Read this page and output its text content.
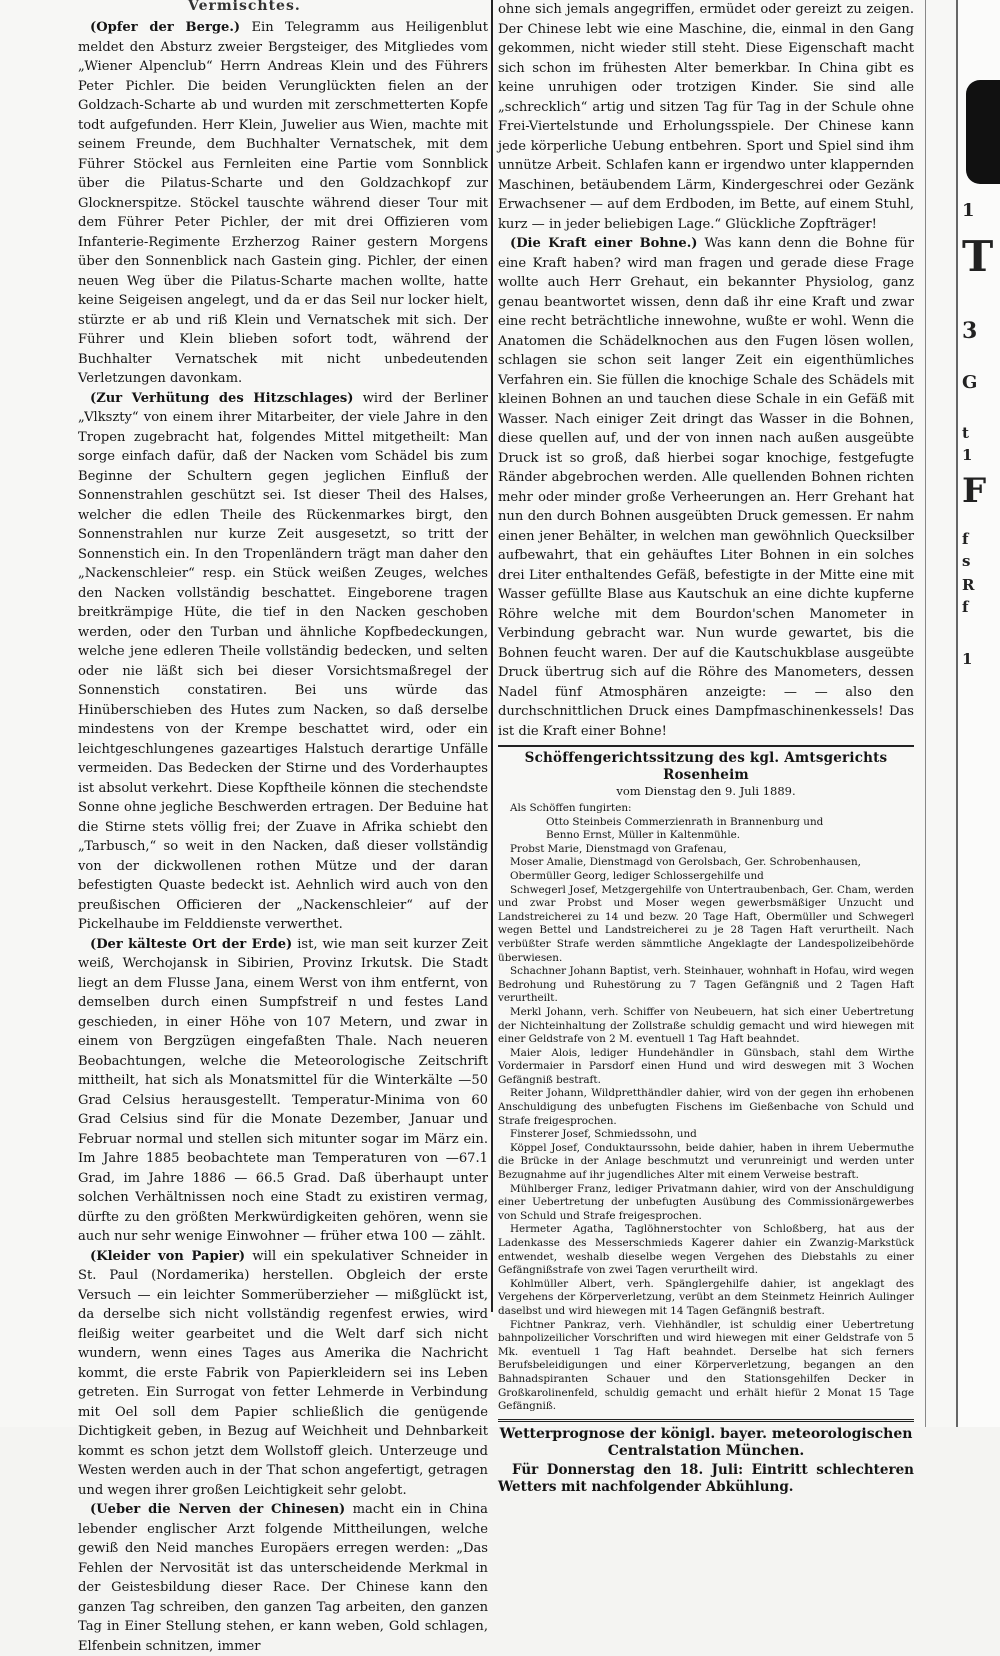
Vermischtes.

(Opfer der Berge.) Ein Telegramm aus Heiligenblut meldet den Absturz zweier Bergsteiger, des Mitgliedes vom „Wiener Alpenclub“ Herrn Andreas Klein und des Führers Peter Pichler. Die beiden Verunglückten fielen an der Goldzach-Scharte ab und wurden mit zerschmetterten Kopfe todt aufgefunden. Herr Klein, Juwelier aus Wien, machte mit seinem Freunde, dem Buchhalter Vernatschek, mit dem Führer Stöckel aus Fernleiten eine Partie vom Sonnblick über die Pilatus-Scharte und den Goldzachkopf zur Glocknerspitze. Stöckel tauschte während dieser Tour mit dem Führer Peter Pichler, der mit drei Offizieren vom Infanterie-Regimente Erzherzog Rainer gestern Morgens über den Sonnenblick nach Gastein ging. Pichler, der einen neuen Weg über die Pilatus-Scharte machen wollte, hatte keine Seigeisen angelegt, und da er das Seil nur locker hielt, stürzte er ab und riß Klein und Vernatschek mit sich. Der Führer und Klein blieben sofort todt, während der Buchhalter Vernatschek mit nicht unbedeutenden Verletzungen davonkam.

(Zur Verhütung des Hitzschlages) wird der Berliner „Vlkszty“ von einem ihrer Mitarbeiter, der viele Jahre in den Tropen zugebracht hat, folgendes Mittel mitgetheilt: Man sorge einfach dafür, daß der Nacken vom Schädel bis zum Beginne der Schultern gegen jeglichen Einfluß der Sonnenstrahlen geschützt sei. Ist dieser Theil des Halses, welcher die edlen Theile des Rückenmarkes birgt, den Sonnenstrahlen nur kurze Zeit ausgesetzt, so tritt der Sonnenstich ein. In den Tropenländern trägt man daher den „Nackenschleier“ resp. ein Stück weißen Zeuges, welches den Nacken vollständig beschattet. Eingeborene tragen breitkrämpige Hüte, die tief in den Nacken geschoben werden, oder den Turban und ähnliche Kopfbedeckungen, welche jene edleren Theile vollständig bedecken, und selten oder nie läßt sich bei dieser Vorsichtsmaßregel der Sonnenstich constatiren. Bei uns würde das Hinüberschieben des Hutes zum Nacken, so daß derselbe mindestens von der Krempe beschattet wird, oder ein leichtgeschlungenes gazeartiges Halstuch derartige Unfälle vermeiden. Das Bedecken der Stirne und des Vorderhauptes ist absolut verkehrt. Diese Kopftheile können die stechendste Sonne ohne jegliche Beschwerden ertragen. Der Beduine hat die Stirne stets völlig frei; der Zuave in Afrika schiebt den „Tarbusch,“ so weit in den Nacken, daß dieser vollständig von der dickwollenen rothen Mütze und der daran befestigten Quaste bedeckt ist. Aehnlich wird auch von den preußischen Officieren der „Nackenschleier“ auf der Pickelhaube im Felddienste verwerthet.

(Der kälteste Ort der Erde) ist, wie man seit kurzer Zeit weiß, Werchojansk in Sibirien, Provinz Irkutsk. Die Stadt liegt an dem Flusse Jana, einem Werst von ihm entfernt, von demselben durch einen Sumpfstreif n und festes Land geschieden, in einer Höhe von 107 Metern, und zwar in einem von Bergzügen eingefaßten Thale. Nach neueren Beobachtungen, welche die Meteorologische Zeitschrift mittheilt, hat sich als Monatsmittel für die Winterkälte —50 Grad Celsius herausgestellt. Temperatur-Minima von 60 Grad Celsius sind für die Monate Dezember, Januar und Februar normal und stellen sich mitunter sogar im März ein. Im Jahre 1885 beobachtete man Temperaturen von —67.1 Grad, im Jahre 1886 — 66.5 Grad. Daß überhaupt unter solchen Verhältnissen noch eine Stadt zu existiren vermag, dürfte zu den größten Merkwürdigkeiten gehören, wenn sie auch nur sehr wenige Einwohner — früher etwa 100 — zählt.

(Kleider von Papier) will ein spekulativer Schneider in St. Paul (Nordamerika) herstellen. Obgleich der erste Versuch — ein leichter Sommerüberzieher — mißglückt ist, da derselbe sich nicht vollständig regenfest erwies, wird fleißig weiter gearbeitet und die Welt darf sich nicht wundern, wenn eines Tages aus Amerika die Nachricht kommt, die erste Fabrik von Papierkleidern sei ins Leben getreten. Ein Surrogat von fetter Lehmerde in Verbindung mit Oel soll dem Papier schließlich die genügende Dichtigkeit geben, in Bezug auf Weichheit und Dehnbarkeit kommt es schon jetzt dem Wollstoff gleich. Unterzeuge und Westen werden auch in der That schon angefertigt, getragen und wegen ihrer großen Leichtigkeit sehr gelobt.

(Ueber die Nerven der Chinesen) macht ein in China lebender englischer Arzt folgende Mittheilungen, welche gewiß den Neid manches Europäers erregen werden: „Das Fehlen der Nervosität ist das unterscheidende Merkmal in der Geistesbildung dieser Race. Der Chinese kann den ganzen Tag schreiben, den ganzen Tag arbeiten, den ganzen Tag in Einer Stellung stehen, er kann weben, Gold schlagen, Elfenbein schnitzen, immer

ohne sich jemals angegriffen, ermüdet oder gereizt zu zeigen. Der Chinese lebt wie eine Maschine, die, einmal in den Gang gekommen, nicht wieder still steht. Diese Eigenschaft macht sich schon im frühesten Alter bemerkbar. In China gibt es keine unruhigen oder trotzigen Kinder. Sie sind alle „schrecklich“ artig und sitzen Tag für Tag in der Schule ohne Frei-Viertelstunde und Erholungsspiele. Der Chinese kann jede körperliche Uebung entbehren. Sport und Spiel sind ihm unnütze Arbeit. Schlafen kann er irgendwo unter klappernden Maschinen, betäubendem Lärm, Kindergeschrei oder Gezänk Erwachsener — auf dem Erdboden, im Bette, auf einem Stuhl, kurz — in jeder beliebigen Lage.“ Glückliche Zopfträger!

(Die Kraft einer Bohne.) Was kann denn die Bohne für eine Kraft haben? wird man fragen und gerade diese Frage wollte auch Herr Grehaut, ein bekannter Physiolog, ganz genau beantwortet wissen, denn daß ihr eine Kraft und zwar eine recht beträchtliche innewohne, wußte er wohl. Wenn die Anatomen die Schädelknochen aus den Fugen lösen wollen, schlagen sie schon seit langer Zeit ein eigenthümliches Verfahren ein. Sie füllen die knochige Schale des Schädels mit kleinen Bohnen an und tauchen diese Schale in ein Gefäß mit Wasser. Nach einiger Zeit dringt das Wasser in die Bohnen, diese quellen auf, und der von innen nach außen ausgeübte Druck ist so groß, daß hierbei sogar knochige, festgefugte Ränder abgebrochen werden. Alle quellenden Bohnen richten mehr oder minder große Verheerungen an. Herr Grehant hat nun den durch Bohnen ausgeübten Druck gemessen. Er nahm einen jener Behälter, in welchen man gewöhnlich Quecksilber aufbewahrt, that ein gehäuftes Liter Bohnen in ein solches drei Liter enthaltendes Gefäß, befestigte in der Mitte eine mit Wasser gefüllte Blase aus Kautschuk an eine dichte kupferne Röhre welche mit dem Bourdon'schen Manometer in Verbindung gebracht war. Nun wurde gewartet, bis die Bohnen feucht waren. Der auf die Kautschukblase ausgeübte Druck übertrug sich auf die Röhre des Manometers, dessen Nadel fünf Atmosphären anzeigte: — — also den durchschnittlichen Druck eines Dampfmaschinenkessels! Das ist die Kraft einer Bohne!

Schöffengerichtssitzung des kgl. Amtsgerichts Rosenheim
vom Dienstag den 9. Juli 1889.

Als Schöffen fungirten:

Otto Steinbeis Commerzienrath in Brannenburg und

Benno Ernst, Müller in Kaltenmühle.

Probst Marie, Dienstmagd von Grafenau,

Moser Amalie, Dienstmagd von Gerolsbach, Ger. Schrobenhausen,

Obermüller Georg, lediger Schlossergehilfe und

Schwegerl Josef, Metzgergehilfe von Untertraubenbach, Ger. Cham, werden und zwar Probst und Moser wegen gewerbsmäßiger Unzucht und Landstreicherei zu 14 und bezw. 20 Tage Haft, Obermüller und Schwegerl wegen Bettel und Landstreicherei zu je 28 Tagen Haft verurtheilt. Nach verbüßter Strafe werden sämmtliche Angeklagte der Landespolizeibehörde überwiesen.

Schachner Johann Baptist, verh. Steinhauer, wohnhaft in Hofau, wird wegen Bedrohung und Ruhestörung zu 7 Tagen Gefängniß und 2 Tagen Haft verurtheilt.

Merkl Johann, verh. Schiffer von Neubeuern, hat sich einer Uebertretung der Nichteinhaltung der Zollstraße schuldig gemacht und wird hiewegen mit einer Geldstrafe von 2 M. eventuell 1 Tag Haft beahndet.

Maier Alois, lediger Hundehändler in Günsbach, stahl dem Wirthe Vordermaier in Parsdorf einen Hund und wird deswegen mit 3 Wochen Gefängniß bestraft.

Reiter Johann, Wildpretthändler dahier, wird von der gegen ihn erhobenen Anschuldigung des unbefugten Fischens im Gießenbache von Schuld und Strafe freigesprochen.

Finsterer Josef, Schmiedssohn, und

Köppel Josef, Conduktaurssohn, beide dahier, haben in ihrem Uebermuthe die Brücke in der Anlage beschmutzt und verunreinigt und werden unter Bezugnahme auf ihr jugendliches Alter mit einem Verweise bestraft.

Mühlberger Franz, lediger Privatmann dahier, wird von der Anschuldigung einer Uebertretung der unbefugten Ausübung des Commissionärgewerbes von Schuld und Strafe freigesprochen.

Hermeter Agatha, Taglöhnerstochter von Schloßberg, hat aus der Ladenkasse des Messerschmieds Kagerer dahier ein Zwanzig-Markstück entwendet, weshalb dieselbe wegen Vergehen des Diebstahls zu einer Gefängnißstrafe von zwei Tagen verurtheilt wird.

Kohlmüller Albert, verh. Spänglergehilfe dahier, ist angeklagt des Vergehens der Körperverletzung, verübt an dem Steinmetz Heinrich Aulinger daselbst und wird hiewegen mit 14 Tagen Gefängniß bestraft.

Fichtner Pankraz, verh. Viehhändler, ist schuldig einer Uebertretung bahnpolizeilicher Vorschriften und wird hiewegen mit einer Geldstrafe von 5 Mk. eventuell 1 Tag Haft beahndet. Derselbe hat sich ferners Berufsbeleidigungen und einer Körperverletzung, begangen an den Bahnadspiranten Schauer und den Stationsgehilfen Decker in Großkarolinenfeld, schuldig gemacht und erhält hiefür 2 Monat 15 Tage Gefängniß.

Wetterprognose der königl. bayer. meteorologischen Centralstation München.

Für Donnerstag den 18. Juli: Eintritt schlechteren Wetters mit nachfolgender Abkühlung.

1
T
3
G
t
1
F
f
s
R
f
1
